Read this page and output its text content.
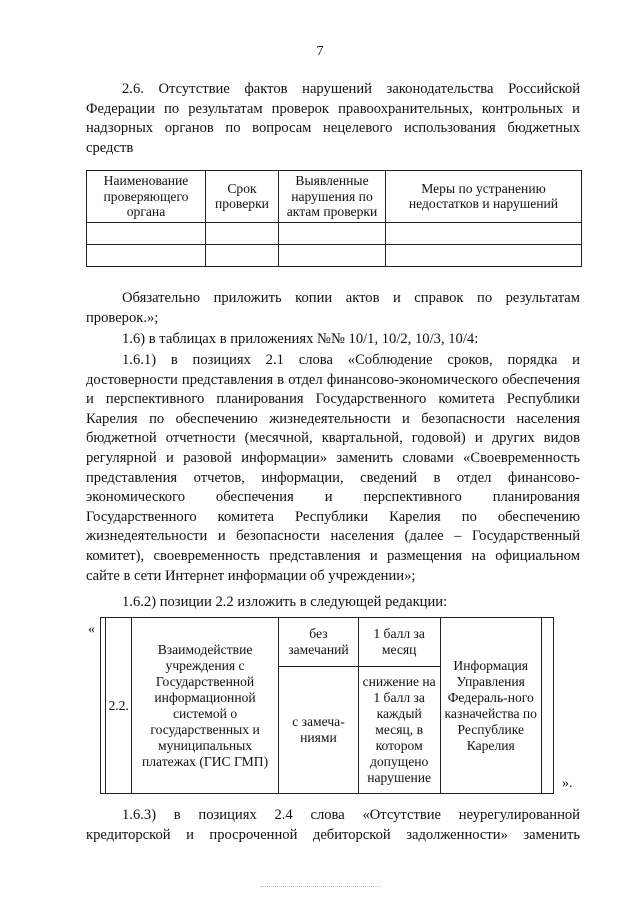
7

2.6. Отсутствие фактов нарушений законодательства Российской Федерации по результатам проверок правоохранительных, контрольных и надзорных органов по вопросам нецелевого использования бюджетных средств

Наименование проверяющего органа	Срок проверки	Выявленные нарушения по актам проверки	Меры по устранению недостатков и нарушений

Обязательно приложить копии актов и справок по результатам проверок.»;

1.6) в таблицах в приложениях №№ 10/1, 10/2, 10/3, 10/4:

1.6.1) в позициях 2.1 слова «Соблюдение сроков, порядка и достоверности представления в отдел финансово-экономического обеспечения и перспективного планирования Государственного комитета Республики Карелия по обеспечению жизнедеятельности и безопасности населения бюджетной отчетности (месячной, квартальной, годовой) и других видов регулярной и разовой информации» заменить словами «Своевременность представления отчетов, информации, сведений в отдел финансово-экономического обеспечения и перспективного планирования Государственного комитета Республики Карелия по обеспечению жизнедеятельности и безопасности населения (далее – Государственный комитет), своевременность представления и размещения на официальном сайте в сети Интернет информации об учреждении»;

1.6.2) позиции 2.2 изложить в следующей редакции:

«
	2.2.	Взаимодействие учреждения с Государственной информационной системой о государственных и муниципальных платежах (ГИС ГМП)	без замечаний	1 балл за месяц	Информация Управления Федераль-ного казначейства по Республике Карелия	
			с замеча-ниями	снижение на 1 балл за каждый месяц, в котором допущено нарушение			».
1.6.3) в позициях 2.4 слова «Отсутствие неурегулированной
кредиторской и просроченной дебиторской задолженности» заменить
